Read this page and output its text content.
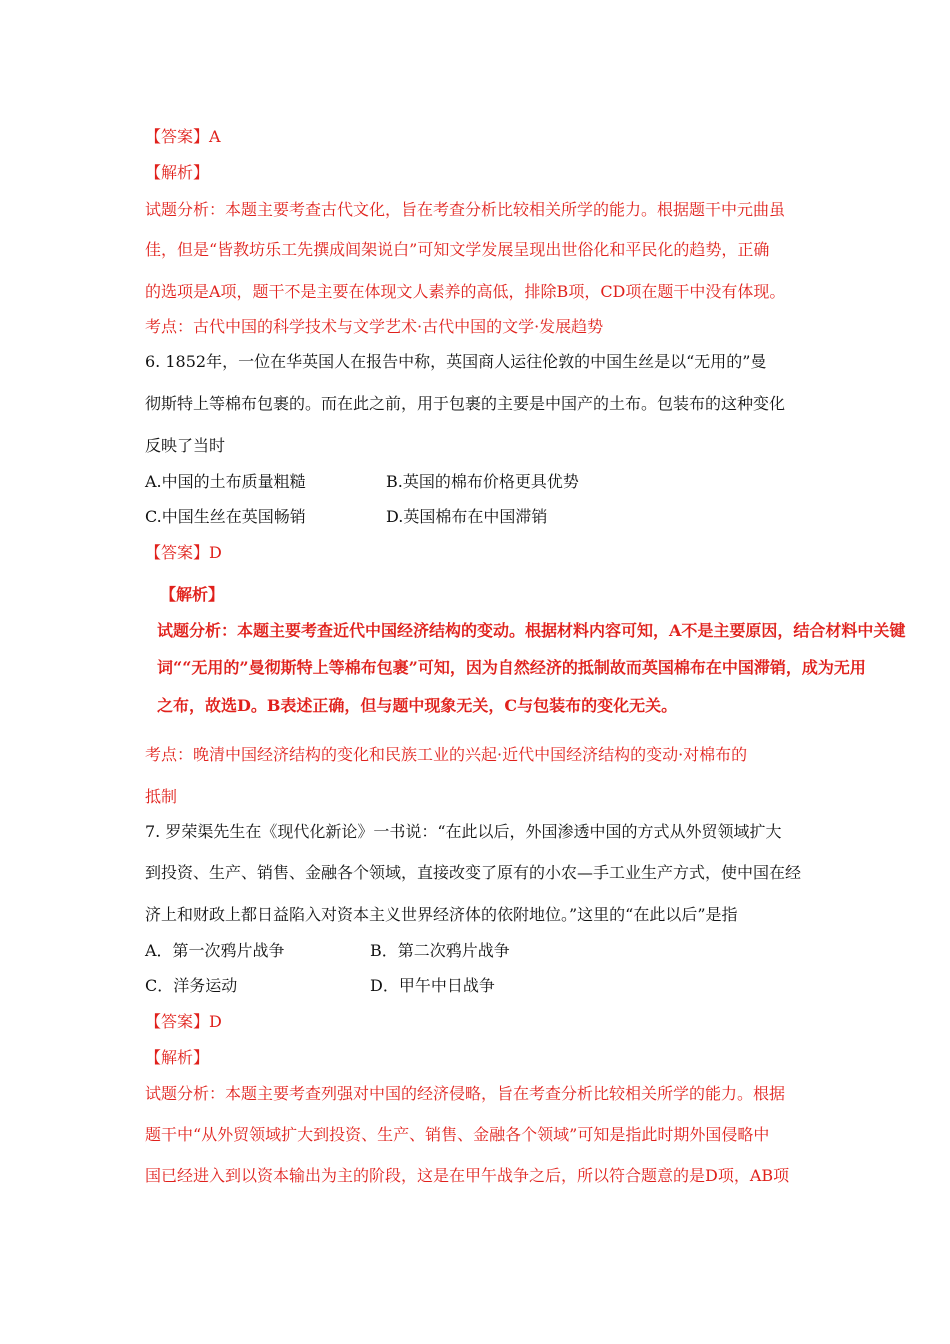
【答案】A
【解析】
试题分析：本题主要考查古代文化，旨在考查分析比较相关所学的能力。根据题干中元曲虽
佳，但是“皆教坊乐工先撰成闾架说白”可知文学发展呈现出世俗化和平民化的趋势，正确
的选项是A项，题干不是主要在体现文人素养的高低，排除B项，CD项在题干中没有体现。
考点：古代中国的科学技术与文学艺术·古代中国的文学·发展趋势
6. 1852年，一位在华英国人在报告中称，英国商人运往伦敦的中国生丝是以“无用的”曼
彻斯特上等棉布包裹的。而在此之前，用于包裹的主要是中国产的土布。包装布的这种变化
反映了当时
A.中国的土布质量粗糙	B.英国的棉布价格更具优势
C.中国生丝在英国畅销	D.英国棉布在中国滞销
【答案】D
【解析】
试题分析：本题主要考查近代中国经济结构的变动。根据材料内容可知，A不是主要原因，结合材料中关键
词““无用的”曼彻斯特上等棉布包裹”可知，因为自然经济的抵制故而英国棉布在中国滞销，成为无用
之布，故选D。B表述正确，但与题中现象无关，C与包装布的变化无关。
考点：晚清中国经济结构的变化和民族工业的兴起·近代中国经济结构的变动·对棉布的
抵制
7. 罗荣渠先生在《现代化新论》一书说：“在此以后，外国渗透中国的方式从外贸领域扩大
到投资、生产、销售、金融各个领域，直接改变了原有的小农—手工业生产方式，使中国在经
济上和财政上都日益陷入对资本主义世界经济体的依附地位。”这里的“在此以后”是指
A．第一次鸦片战争	B．第二次鸦片战争
C．洋务运动	D．甲午中日战争
【答案】D
【解析】
试题分析：本题主要考查列强对中国的经济侵略，旨在考查分析比较相关所学的能力。根据
题干中“从外贸领域扩大到投资、生产、销售、金融各个领域”可知是指此时期外国侵略中
国已经进入到以资本输出为主的阶段，这是在甲午战争之后，所以符合题意的是D项，AB项
